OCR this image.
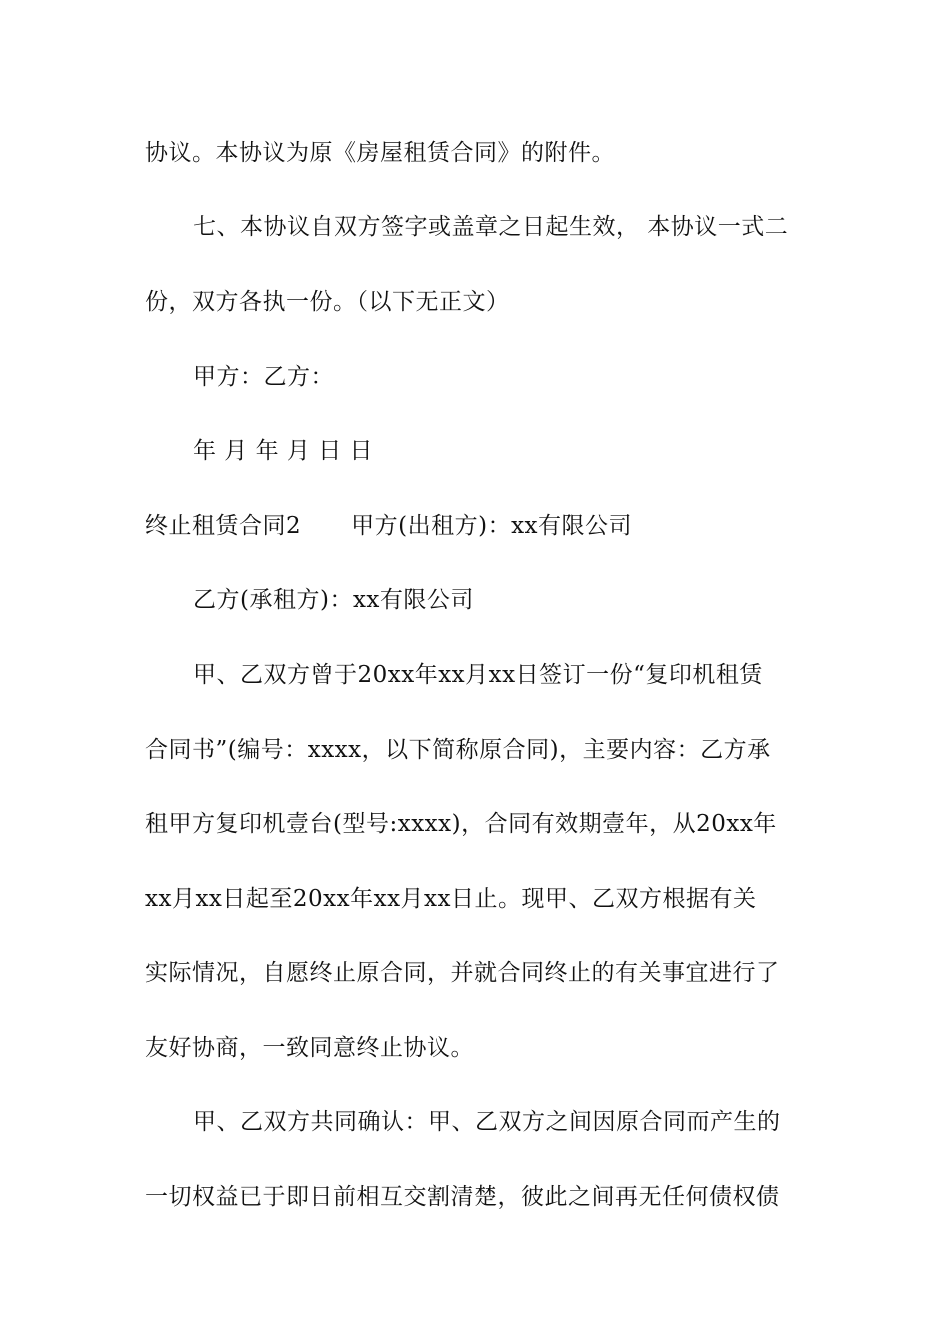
协议。本协议为原《房屋租赁合同》的附件。
七、本协议自双方签字或盖章之日起生效， 本协议一式二
份，双方各执一份。（以下无正文）
甲方：乙方：
年 月 年 月 日 日
终止租赁合同2 甲方(出租方)：xx有限公司
乙方(承租方)：xx有限公司
甲、乙双方曾于20xx年xx月xx日签订一份“复印机租赁
合同书”(编号：xxxx，以下简称原合同)，主要内容：乙方承
租甲方复印机壹台(型号:xxxx)，合同有效期壹年，从20xx年
xx月xx日起至20xx年xx月xx日止。现甲、乙双方根据有关
实际情况，自愿终止原合同，并就合同终止的有关事宜进行了
友好协商，一致同意终止协议。
甲、乙双方共同确认：甲、乙双方之间因原合同而产生的
一切权益已于即日前相互交割清楚，彼此之间再无任何债权债
